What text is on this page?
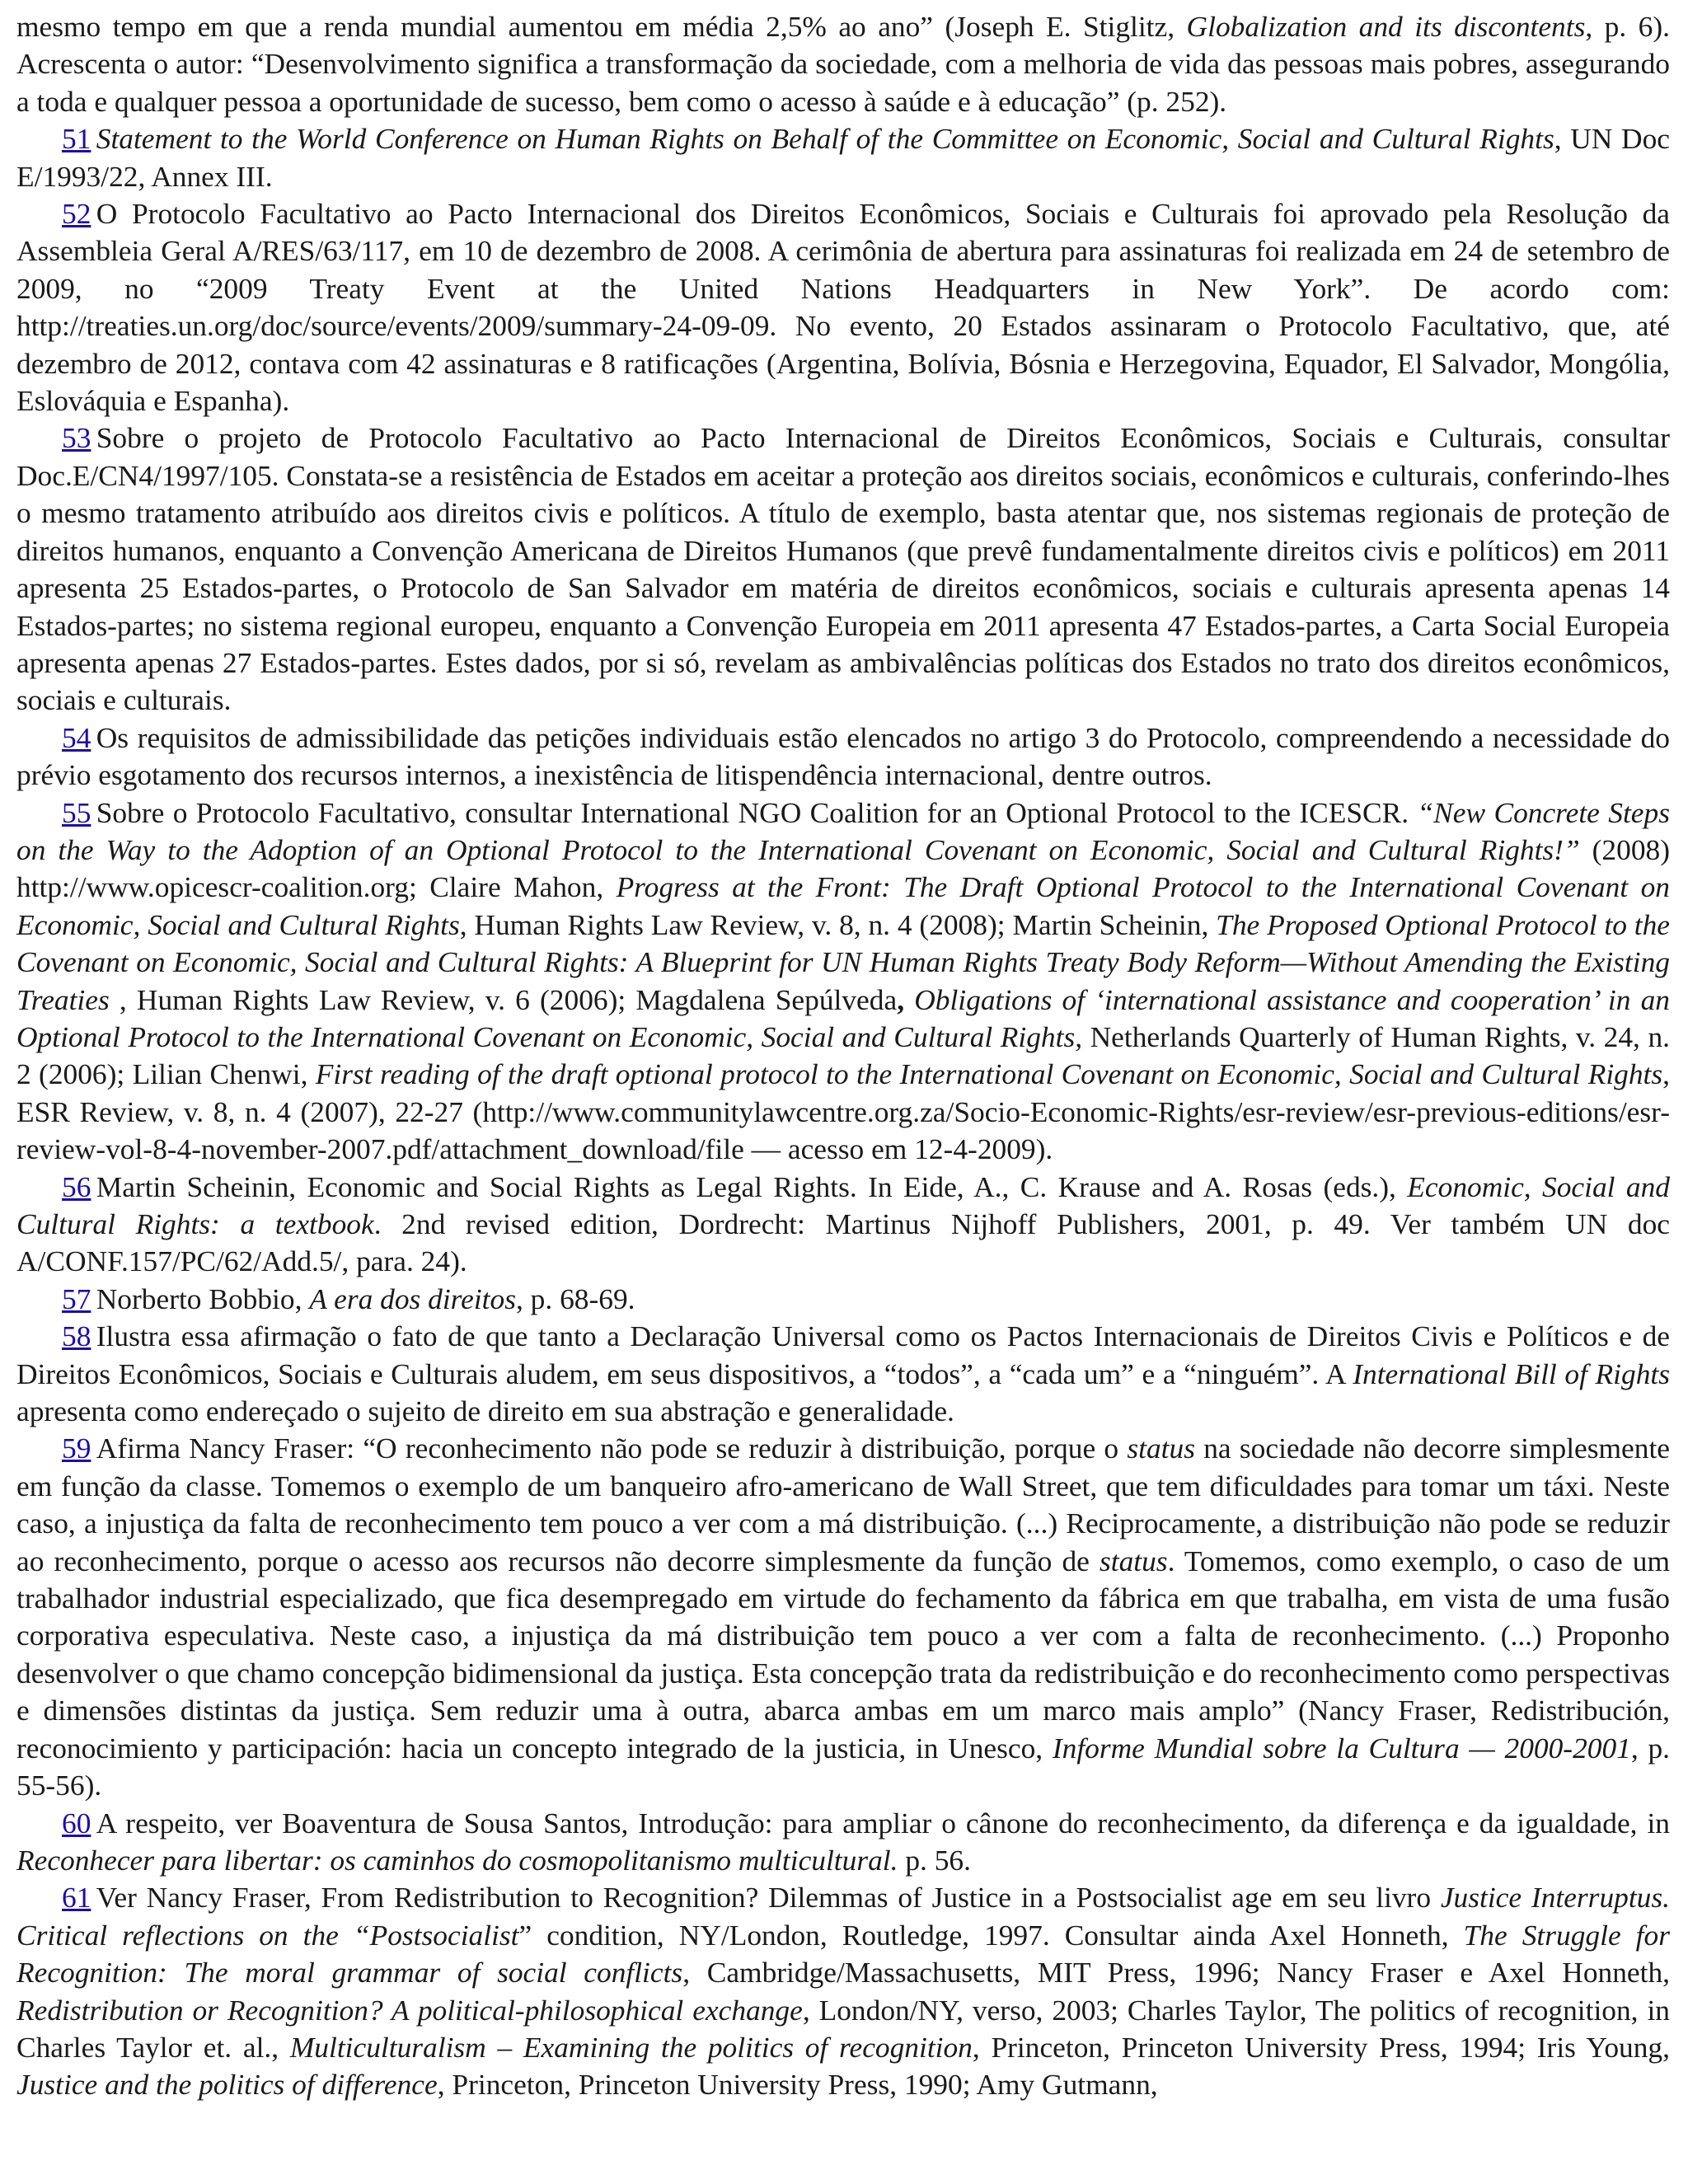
mesmo tempo em que a renda mundial aumentou em média 2,5% ao ano” (Joseph E. Stiglitz, Globalization and its discontents, p. 6). Acrescenta o autor: “Desenvolvimento significa a transformação da sociedade, com a melhoria de vida das pessoas mais pobres, assegurando a toda e qualquer pessoa a oportunidade de sucesso, bem como o acesso à saúde e à educação” (p. 252).

51 Statement to the World Conference on Human Rights on Behalf of the Committee on Economic, Social and Cultural Rights, UN Doc E/1993/22, Annex III.

52 O Protocolo Facultativo ao Pacto Internacional dos Direitos Econômicos, Sociais e Culturais foi aprovado pela Resolução da Assembleia Geral A/RES/63/117, em 10 de dezembro de 2008. A cerimônia de abertura para assinaturas foi realizada em 24 de setembro de 2009, no “2009 Treaty Event at the United Nations Headquarters in New York”. De acordo com: http://treaties.un.org/doc/source/events/2009/summary-24-09-09. No evento, 20 Estados assinaram o Protocolo Facultativo, que, até dezembro de 2012, contava com 42 assinaturas e 8 ratificações (Argentina, Bolívia, Bósnia e Herzegovina, Equador, El Salvador, Mongólia, Eslováquia e Espanha).

53 Sobre o projeto de Protocolo Facultativo ao Pacto Internacional de Direitos Econômicos, Sociais e Culturais, consultar Doc.E/CN4/1997/105. Constata-se a resistência de Estados em aceitar a proteção aos direitos sociais, econômicos e culturais, conferindo-lhes o mesmo tratamento atribuído aos direitos civis e políticos. A título de exemplo, basta atentar que, nos sistemas regionais de proteção de direitos humanos, enquanto a Convenção Americana de Direitos Humanos (que prevê fundamentalmente direitos civis e políticos) em 2011 apresenta 25 Estados-partes, o Protocolo de San Salvador em matéria de direitos econômicos, sociais e culturais apresenta apenas 14 Estados-partes; no sistema regional europeu, enquanto a Convenção Europeia em 2011 apresenta 47 Estados-partes, a Carta Social Europeia apresenta apenas 27 Estados-partes. Estes dados, por si só, revelam as ambivalências políticas dos Estados no trato dos direitos econômicos, sociais e culturais.

54 Os requisitos de admissibilidade das petições individuais estão elencados no artigo 3 do Protocolo, compreendendo a necessidade do prévio esgotamento dos recursos internos, a inexistência de litispendência internacional, dentre outros.

55 Sobre o Protocolo Facultativo, consultar International NGO Coalition for an Optional Protocol to the ICESCR. “New Concrete Steps on the Way to the Adoption of an Optional Protocol to the International Covenant on Economic, Social and Cultural Rights!” (2008) http://www.opicescr-coalition.org; Claire Mahon, Progress at the Front: The Draft Optional Protocol to the International Covenant on Economic, Social and Cultural Rights, Human Rights Law Review, v. 8, n. 4 (2008); Martin Scheinin, The Proposed Optional Protocol to the Covenant on Economic, Social and Cultural Rights: A Blueprint for UN Human Rights Treaty Body Reform—Without Amending the Existing Treaties , Human Rights Law Review, v. 6 (2006); Magdalena Sepúlveda, Obligations of ‘international assistance and cooperation’ in an Optional Protocol to the International Covenant on Economic, Social and Cultural Rights, Netherlands Quarterly of Human Rights, v. 24, n. 2 (2006); Lilian Chenwi, First reading of the draft optional protocol to the International Covenant on Economic, Social and Cultural Rights, ESR Review, v. 8, n. 4 (2007), 22-27 (http://www.communitylawcentre.org.za/Socio-Economic-Rights/esr-review/esr-previous-editions/esr-review-vol-8-4-november-2007.pdf/attachment_download/file — acesso em 12-4-2009).

56 Martin Scheinin, Economic and Social Rights as Legal Rights. In Eide, A., C. Krause and A. Rosas (eds.), Economic, Social and Cultural Rights: a textbook. 2nd revised edition, Dordrecht: Martinus Nijhoff Publishers, 2001, p. 49. Ver também UN doc A/CONF.157/PC/62/Add.5/, para. 24).

57 Norberto Bobbio, A era dos direitos, p. 68-69.

58 Ilustra essa afirmação o fato de que tanto a Declaração Universal como os Pactos Internacionais de Direitos Civis e Políticos e de Direitos Econômicos, Sociais e Culturais aludem, em seus dispositivos, a “todos”, a “cada um” e a “ninguém”. A International Bill of Rights apresenta como endereçado o sujeito de direito em sua abstração e generalidade.

59 Afirma Nancy Fraser: “O reconhecimento não pode se reduzir à distribuição, porque o status na sociedade não decorre simplesmente em função da classe. Tomemos o exemplo de um banqueiro afro-americano de Wall Street, que tem dificuldades para tomar um táxi. Neste caso, a injustiça da falta de reconhecimento tem pouco a ver com a má distribuição. (...) Reciprocamente, a distribuição não pode se reduzir ao reconhecimento, porque o acesso aos recursos não decorre simplesmente da função de status. Tomemos, como exemplo, o caso de um trabalhador industrial especializado, que fica desempregado em virtude do fechamento da fábrica em que trabalha, em vista de uma fusão corporativa especulativa. Neste caso, a injustiça da má distribuição tem pouco a ver com a falta de reconhecimento. (...) Proponho desenvolver o que chamo concepção bidimensional da justiça. Esta concepção trata da redistribuição e do reconhecimento como perspectivas e dimensões distintas da justiça. Sem reduzir uma à outra, abarca ambas em um marco mais amplo” (Nancy Fraser, Redistribución, reconocimiento y participación: hacia un concepto integrado de la justicia, in Unesco, Informe Mundial sobre la Cultura — 2000-2001, p. 55-56).

60 A respeito, ver Boaventura de Sousa Santos, Introdução: para ampliar o cânone do reconhecimento, da diferença e da igualdade, in Reconhecer para libertar: os caminhos do cosmopolitanismo multicultural. p. 56.

61 Ver Nancy Fraser, From Redistribution to Recognition? Dilemmas of Justice in a Postsocialist age em seu livro Justice Interruptus. Critical reflections on the “Postsocialist” condition, NY/London, Routledge, 1997. Consultar ainda Axel Honneth, The Struggle for Recognition: The moral grammar of social conflicts, Cambridge/Massachusetts, MIT Press, 1996; Nancy Fraser e Axel Honneth, Redistribution or Recognition? A political-philosophical exchange, London/NY, verso, 2003; Charles Taylor, The politics of recognition, in Charles Taylor et. al., Multiculturalism – Examining the politics of recognition, Princeton, Princeton University Press, 1994; Iris Young, Justice and the politics of difference, Princeton, Princeton University Press, 1990; Amy Gutmann,
